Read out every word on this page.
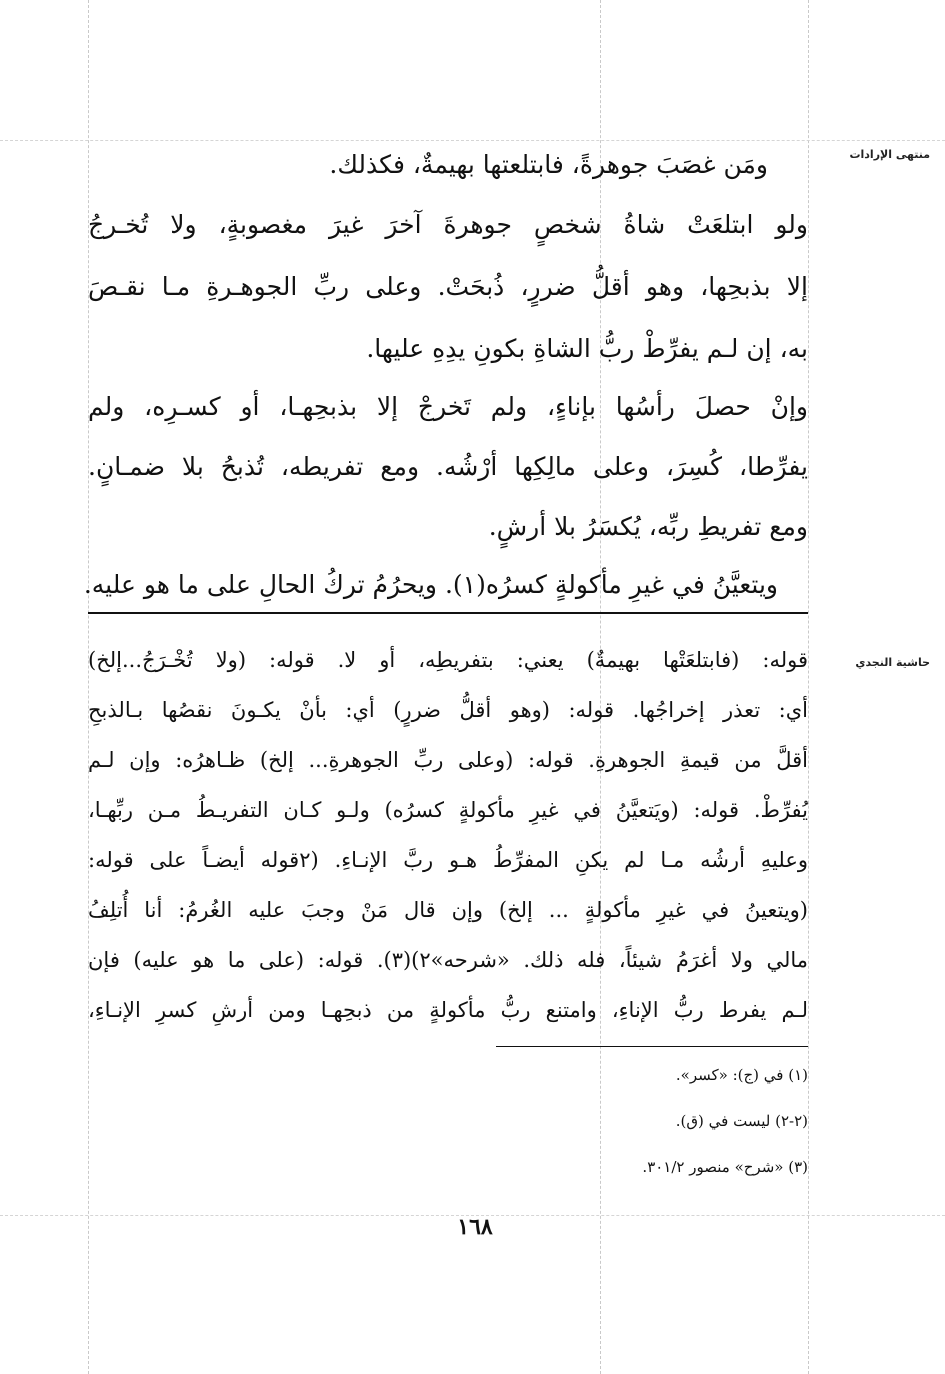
منتهى الإرادات
حاشية النجدي
ومَن غصَبَ جوهرةً، فابتلعتها بهيمةٌ، فكذلك.
ولو ابتلعَتْ شاةُ شخصٍ جوهرةَ آخرَ غيرَ مغصوبةٍ، ولا تُخـرجُ
إلا بذبحِها، وهو أقلُّ ضررٍ، ذُبحَتْ. وعلى ربِّ الجوهـرةِ مـا نقـصَ
به، إن لـم يفرِّطْ ربُّ الشاةِ بكونِ يدِهِ عليها.
وإنْ حصلَ رأسُها بإناءٍ، ولم تَخرجْ إلا بذبحِهـا، أو كسـرِه، ولم
يفرِّطا، كُسِرَ، وعلى مالِكِها أرْشُه. ومع تفريطه، تُذبحُ بلا ضمـانٍ.
ومع تفريطِ ربِّه، يُكسَرُ بلا أرشٍ.
ويتعيَّنُ في غيرِ مأكولةٍ كسرُه(١). ويحرُمُ تركُ الحالِ على ما هو عليه.
قوله: (فابتلعَتْها بهيمةٌ) يعني: بتفريطِه، أو لا. قوله: (ولا تُخْـرَجُ...إلخ)
أي: تعذر إخراجُها. قوله: (وهو أقلُّ ضررٍ) أي: بأنْ يكـونَ نقصُها بـالذبحِ
أقلَّ من قيمةِ الجوهرةِ. قوله: (وعلى ربِّ الجوهرةِ... إلخ) ظـاهرُه: وإن لـم
يُفرِّطْ. قوله: (ويَتعيَّنُ في غيرِ مأكولةٍ كسرُه) ولـو كـان التفريـطُ مـن ربِّهـا،
وعليهِ أرشُه مـا لم يكنِ المفرِّطُ هـو ربَّ الإنـاءِ. (٢قوله أيضـاً على قوله:
(ويتعينُ في غيرِ مأكولةٍ ... إلخ) وإن قال مَنْ وجبَ عليه الغُرمُ: أنا أُتلِفُ
مالي ولا أغرَمُ شيئاً، فله ذلك. «شرحه»٢)(٣). قوله: (على ما هو عليه) فإن
لـم يفرط ربُّ الإناءِ، وامتنع ربُّ مأكولةٍ من ذبحِهـا ومن أرشِ كسرِ الإنـاءِ،
(١) في (ج): «كسر».
(٢-٢) ليست في (ق).
(٣) «شرح» منصور ٣٠١/٢.
١٦٨
